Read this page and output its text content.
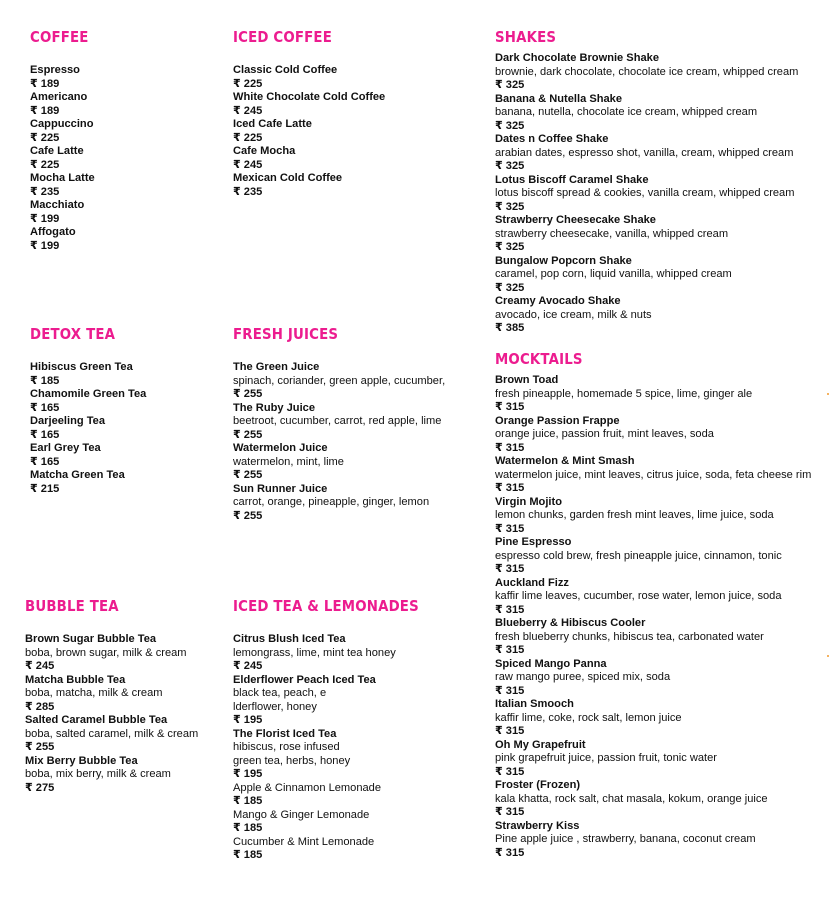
COFFEE
Espresso
₹ 189
Americano
₹ 189
Cappuccino
₹ 225
Cafe Latte
₹ 225
Mocha Latte
₹ 235
Macchiato
₹ 199
Affogato
₹ 199
DETOX TEA
Hibiscus Green Tea
₹ 185
Chamomile Green Tea
₹ 165
Darjeeling Tea
₹ 165
Earl Grey Tea
₹ 165
Matcha Green Tea
₹ 215
BUBBLE TEA
Brown Sugar Bubble Tea
boba, brown sugar, milk & cream
₹ 245
Matcha Bubble Tea
boba, matcha, milk & cream
₹ 285
Salted Caramel Bubble Tea
boba, salted caramel, milk & cream
₹ 255
Mix Berry Bubble Tea
boba, mix berry, milk & cream
₹ 275
ICED COFFEE
Classic Cold Coffee
₹ 225
White Chocolate Cold Coffee
₹ 245
Iced Cafe Latte
₹ 225
Cafe Mocha
₹ 245
Mexican Cold Coffee
₹ 235
FRESH JUICES
The Green Juice
spinach, coriander, green apple, cucumber,
₹ 255
The Ruby Juice
beetroot, cucumber, carrot, red apple, lime
₹ 255
Watermelon Juice
watermelon, mint, lime
₹ 255
Sun Runner Juice
carrot, orange, pineapple, ginger, lemon
₹ 255
ICED TEA & LEMONADES
Citrus Blush Iced Tea
lemongrass, lime, mint tea honey
₹ 245
Elderflower Peach Iced Tea
black tea, peach, e
lderflower, honey
₹ 195
The Florist Iced Tea
hibiscus, rose infused
green tea, herbs, honey
₹ 195
Apple & Cinnamon Lemonade
₹ 185
Mango & Ginger Lemonade
₹ 185
Cucumber & Mint Lemonade
₹ 185
SHAKES
Dark Chocolate Brownie Shake
brownie, dark chocolate, chocolate ice cream, whipped cream
₹ 325
Banana & Nutella Shake
banana, nutella, chocolate ice cream, whipped cream
₹ 325
Dates n Coffee Shake
arabian dates, espresso shot, vanilla, cream, whipped cream
₹ 325
Lotus Biscoff Caramel Shake
lotus biscoff spread & cookies, vanilla cream, whipped cream
₹ 325
Strawberry Cheesecake Shake
strawberry cheesecake, vanilla, whipped cream
₹ 325
Bungalow Popcorn Shake
caramel, pop corn, liquid vanilla, whipped cream
₹ 325
Creamy Avocado Shake
avocado, ice cream, milk & nuts
₹ 385
MOCKTAILS
Brown Toad
fresh pineapple, homemade 5 spice, lime, ginger ale
₹ 315
Orange Passion Frappe
orange juice, passion fruit, mint leaves, soda
₹ 315
Watermelon & Mint Smash
watermelon juice, mint leaves, citrus juice, soda, feta cheese rim
₹ 315
Virgin Mojito
lemon chunks, garden fresh mint leaves, lime juice, soda
₹ 315
Pine Espresso
espresso cold brew, fresh pineapple juice, cinnamon, tonic
₹ 315
Auckland Fizz
kaffir lime leaves, cucumber, rose water, lemon juice, soda
₹ 315
Blueberry & Hibiscus Cooler
fresh blueberry chunks, hibiscus tea, carbonated water
₹ 315
Spiced Mango Panna
raw mango puree, spiced mix, soda
₹ 315
Italian Smooch
kaffir lime, coke, rock salt, lemon juice
₹ 315
Oh My Grapefruit
pink grapefruit juice, passion fruit, tonic water
₹ 315
Froster (Frozen)
kala khatta, rock salt, chat masala, kokum, orange juice
₹ 315
Strawberry Kiss
Pine apple juice , strawberry, banana, coconut cream
₹ 315
